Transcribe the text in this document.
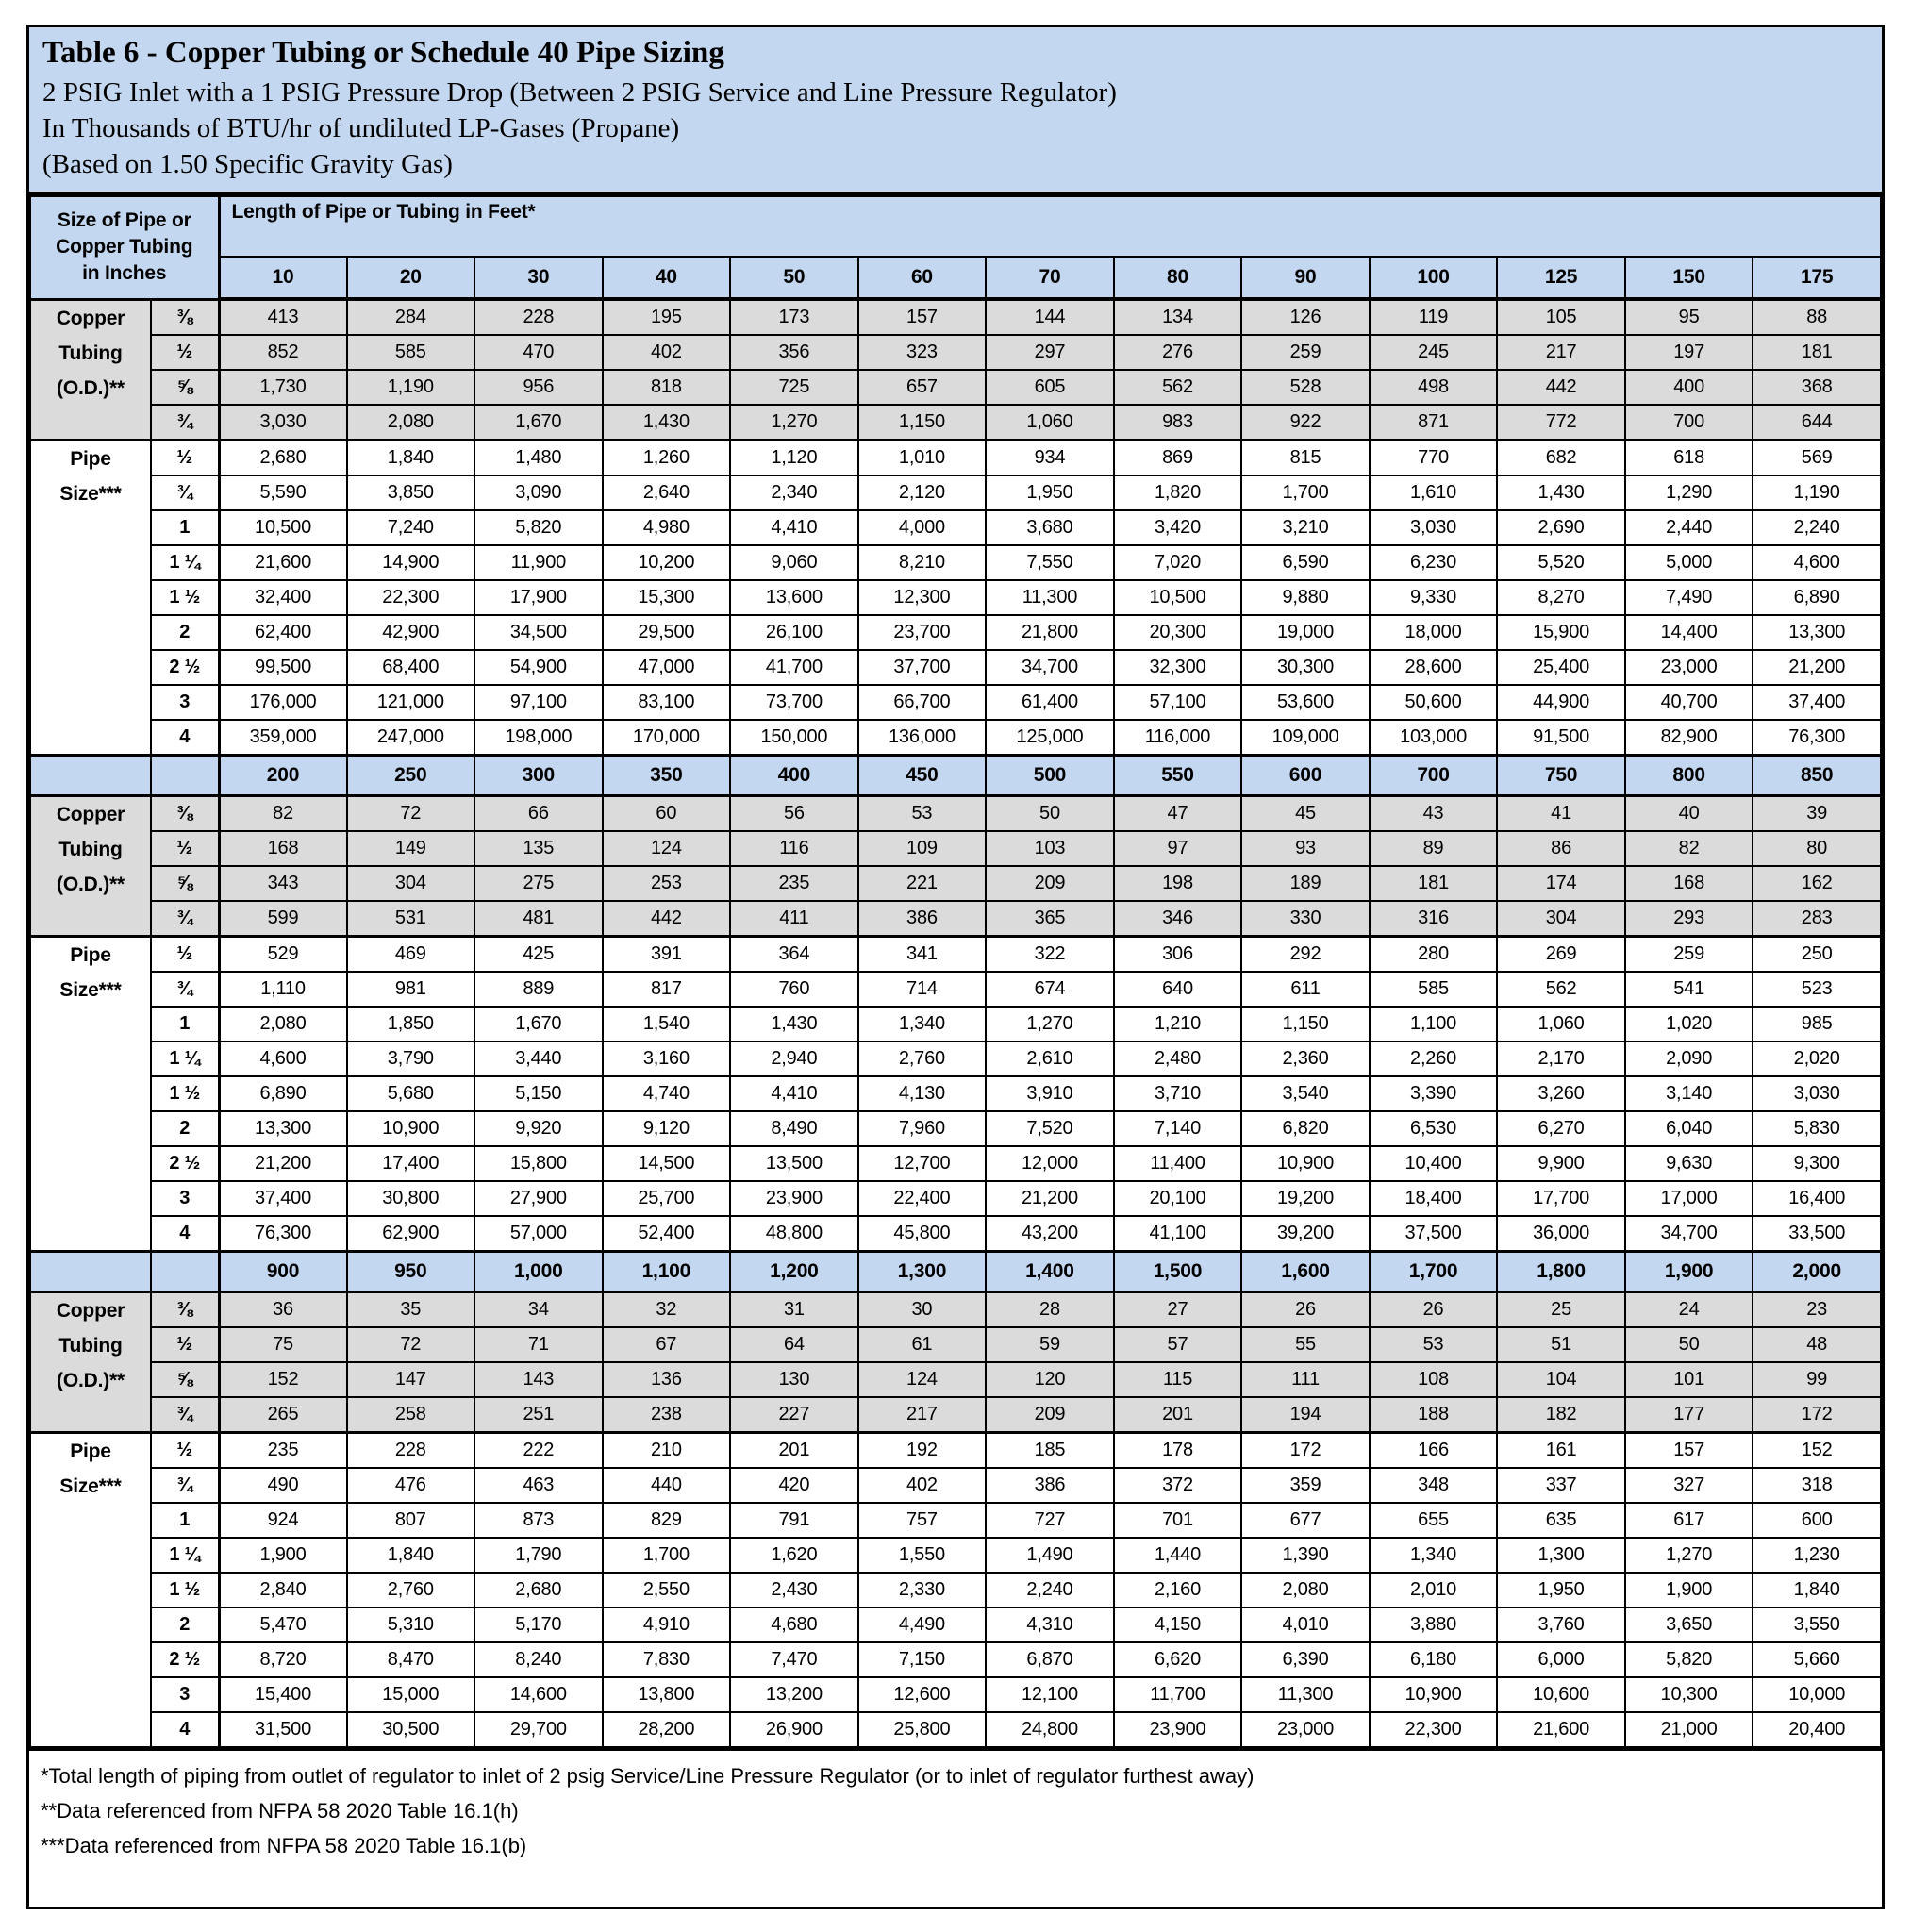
Table 6 - Copper Tubing or Schedule 40 Pipe Sizing
2 PSIG Inlet with a 1 PSIG Pressure Drop (Between 2 PSIG Service and Line Pressure Regulator)
In Thousands of BTU/hr of undiluted LP-Gases (Propane)
(Based on 1.50 Specific Gravity Gas)
Size of Pipe or
Copper Tubing
in Inches		Length of Pipe or Tubing in Feet*												
		10	20	30	40	50	60	70	80	90	100	125	150	175

Copper
Tubing
(O.D.)**	⅜	413	284	228	195	173	157	144	134	126	119	105	95	88
	½	852	585	470	402	356	323	297	276	259	245	217	197	181
	⅝	1,730	1,190	956	818	725	657	605	562	528	498	442	400	368
	¾	3,030	2,080	1,670	1,430	1,270	1,150	1,060	983	922	871	772	700	644

Pipe
Size***	½	2,680	1,840	1,480	1,260	1,120	1,010	934	869	815	770	682	618	569
	¾	5,590	3,850	3,090	2,640	2,340	2,120	1,950	1,820	1,700	1,610	1,430	1,290	1,190
	1	10,500	7,240	5,820	4,980	4,410	4,000	3,680	3,420	3,210	3,030	2,690	2,440	2,240
	1 ¼	21,600	14,900	11,900	10,200	9,060	8,210	7,550	7,020	6,590	6,230	5,520	5,000	4,600
	1 ½	32,400	22,300	17,900	15,300	13,600	12,300	11,300	10,500	9,880	9,330	8,270	7,490	6,890
	2	62,400	42,900	34,500	29,500	26,100	23,700	21,800	20,300	19,000	18,000	15,900	14,400	13,300
	2 ½	99,500	68,400	54,900	47,000	41,700	37,700	34,700	32,300	30,300	28,600	25,400	23,000	21,200
	3	176,000	121,000	97,100	83,100	73,700	66,700	61,400	57,100	53,600	50,600	44,900	40,700	37,400
	4	359,000	247,000	198,000	170,000	150,000	136,000	125,000	116,000	109,000	103,000	91,500	82,900	76,300
		200	250	300	350	400	450	500	550	600	700	750	800	850

Copper
Tubing
(O.D.)**	⅜	82	72	66	60	56	53	50	47	45	43	41	40	39
	½	168	149	135	124	116	109	103	97	93	89	86	82	80
	⅝	343	304	275	253	235	221	209	198	189	181	174	168	162
	¾	599	531	481	442	411	386	365	346	330	316	304	293	283

Pipe
Size***	½	529	469	425	391	364	341	322	306	292	280	269	259	250
	¾	1,110	981	889	817	760	714	674	640	611	585	562	541	523
	1	2,080	1,850	1,670	1,540	1,430	1,340	1,270	1,210	1,150	1,100	1,060	1,020	985
	1 ¼	4,600	3,790	3,440	3,160	2,940	2,760	2,610	2,480	2,360	2,260	2,170	2,090	2,020
	1 ½	6,890	5,680	5,150	4,740	4,410	4,130	3,910	3,710	3,540	3,390	3,260	3,140	3,030
	2	13,300	10,900	9,920	9,120	8,490	7,960	7,520	7,140	6,820	6,530	6,270	6,040	5,830
	2 ½	21,200	17,400	15,800	14,500	13,500	12,700	12,000	11,400	10,900	10,400	9,900	9,630	9,300
	3	37,400	30,800	27,900	25,700	23,900	22,400	21,200	20,100	19,200	18,400	17,700	17,000	16,400
	4	76,300	62,900	57,000	52,400	48,800	45,800	43,200	41,100	39,200	37,500	36,000	34,700	33,500
		900	950	1,000	1,100	1,200	1,300	1,400	1,500	1,600	1,700	1,800	1,900	2,000

Copper
Tubing
(O.D.)**	⅜	36	35	34	32	31	30	28	27	26	26	25	24	23
	½	75	72	71	67	64	61	59	57	55	53	51	50	48
	⅝	152	147	143	136	130	124	120	115	111	108	104	101	99
	¾	265	258	251	238	227	217	209	201	194	188	182	177	172

Pipe
Size***	½	235	228	222	210	201	192	185	178	172	166	161	157	152
	¾	490	476	463	440	420	402	386	372	359	348	337	327	318
	1	924	807	873	829	791	757	727	701	677	655	635	617	600
	1 ¼	1,900	1,840	1,790	1,700	1,620	1,550	1,490	1,440	1,390	1,340	1,300	1,270	1,230
	1 ½	2,840	2,760	2,680	2,550	2,430	2,330	2,240	2,160	2,080	2,010	1,950	1,900	1,840
	2	5,470	5,310	5,170	4,910	4,680	4,490	4,310	4,150	4,010	3,880	3,760	3,650	3,550
	2 ½	8,720	8,470	8,240	7,830	7,470	7,150	6,870	6,620	6,390	6,180	6,000	5,820	5,660
	3	15,400	15,000	14,600	13,800	13,200	12,600	12,100	11,700	11,300	10,900	10,600	10,300	10,000
	4	31,500	30,500	29,700	28,200	26,900	25,800	24,800	23,900	23,000	22,300	21,600	21,000	20,400
*Total length of piping from outlet of regulator to inlet of 2 psig Service/Line Pressure Regulator (or to inlet of regulator furthest away)
**Data referenced from NFPA 58 2020 Table 16.1(h)
***Data referenced from NFPA 58 2020 Table 16.1(b)
